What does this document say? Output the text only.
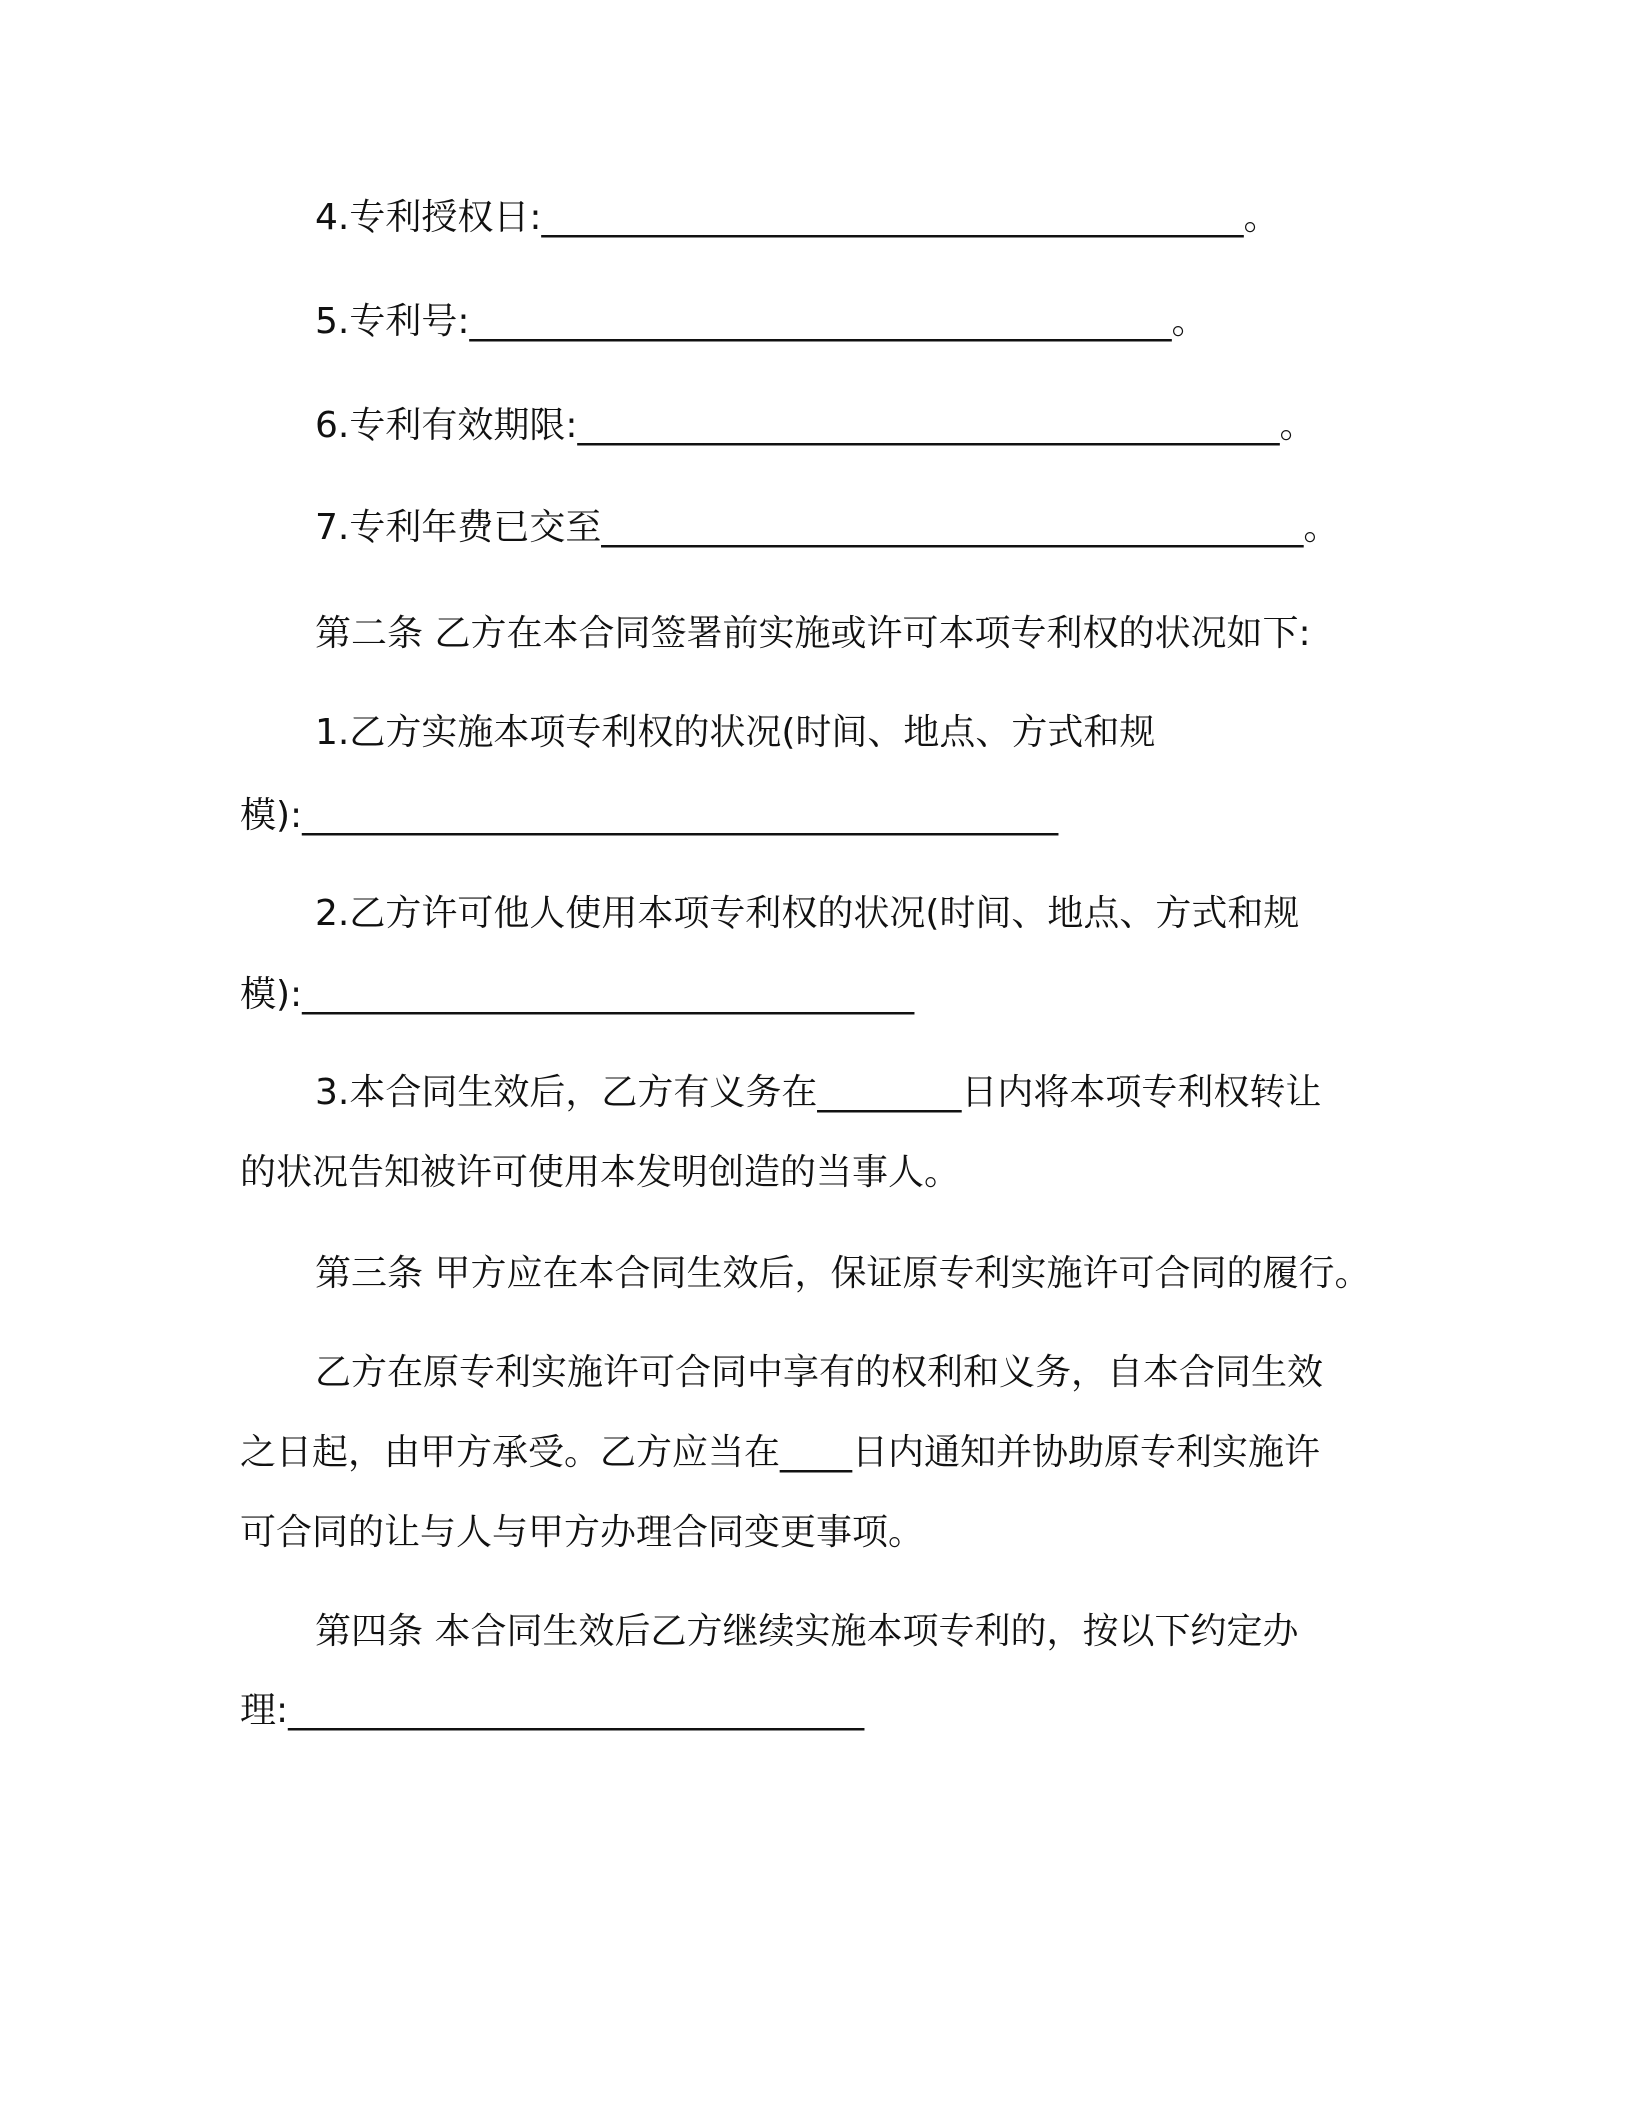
4.专利授权日:_______________________________________。
5.专利号:_______________________________________。
6.专利有效期限:_______________________________________。
7.专利年费已交至_______________________________________。
第二条 乙方在本合同签署前实施或许可本项专利权的状况如下:
1.乙方实施本项专利权的状况(时间、地点、方式和规
模):__________________________________________
2.乙方许可他人使用本项专利权的状况(时间、地点、方式和规
模):__________________________________
3.本合同生效后，乙方有义务在________日内将本项专利权转让
的状况告知被许可使用本发明创造的当事人。
第三条 甲方应在本合同生效后，保证原专利实施许可合同的履行。
乙方在原专利实施许可合同中享有的权利和义务，自本合同生效
之日起，由甲方承受。乙方应当在____日内通知并协助原专利实施许
可合同的让与人与甲方办理合同变更事项。
第四条 本合同生效后乙方继续实施本项专利的，按以下约定办
理:________________________________
